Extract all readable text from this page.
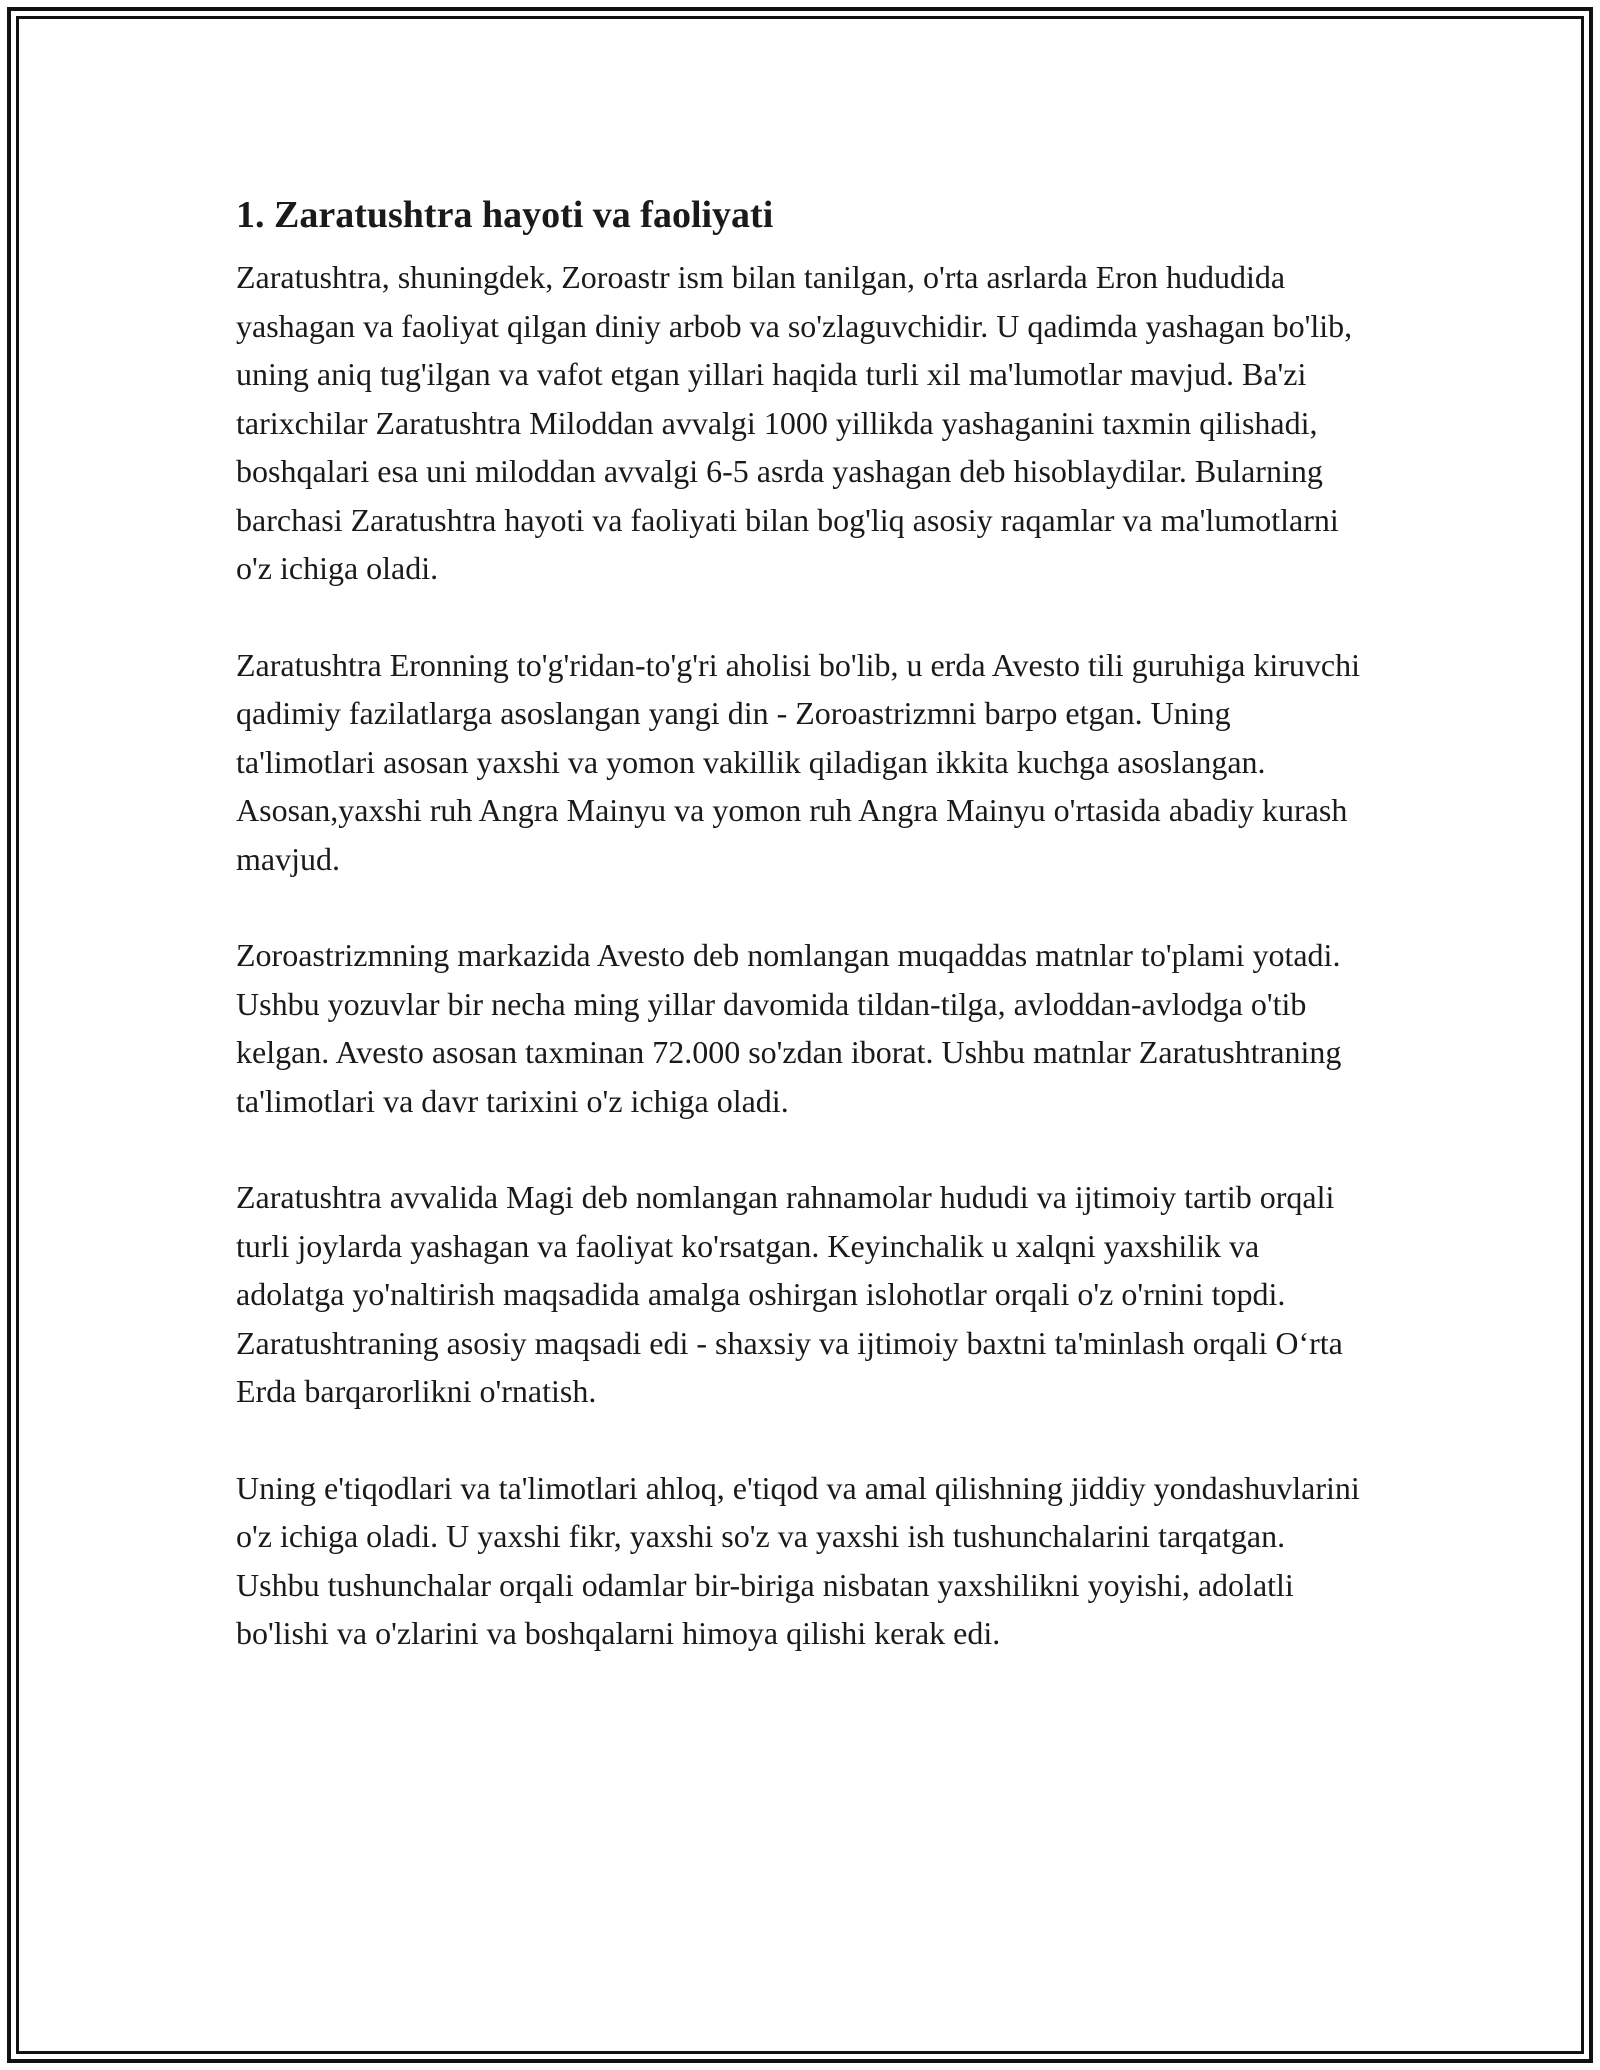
1. Zaratushtra hayoti va faoliyati

Zaratushtra, shuningdek, Zoroastr ism bilan tanilgan, o'rta asrlarda Eron hududida yashagan va faoliyat qilgan diniy arbob va so'zlaguvchidir. U qadimda yashagan bo'lib, uning aniq tug'ilgan va vafot etgan yillari haqida turli xil ma'lumotlar mavjud. Ba'zi tarixchilar Zaratushtra Miloddan avvalgi 1000 yillikda yashaganini taxmin qilishadi, boshqalari esa uni miloddan avvalgi 6-5 asrda yashagan deb hisoblaydilar. Bularning barchasi Zaratushtra hayoti va faoliyati bilan bog'liq asosiy raqamlar va ma'lumotlarni o'z ichiga oladi.

Zaratushtra Eronning to'g'ridan-to'g'ri aholisi bo'lib, u erda Avesto tili guruhiga kiruvchi qadimiy fazilatlarga asoslangan yangi din - Zoroastrizmni barpo etgan. Uning ta'limotlari asosan yaxshi va yomon vakillik qiladigan ikkita kuchga asoslangan. Asosan,yaxshi ruh Angra Mainyu va yomon ruh Angra Mainyu o'rtasida abadiy kurash mavjud.

Zoroastrizmning markazida Avesto deb nomlangan muqaddas matnlar to'plami yotadi. Ushbu yozuvlar bir necha ming yillar davomida tildan-tilga, avloddan-avlodga o'tib kelgan. Avesto asosan taxminan 72.000 so'zdan iborat. Ushbu matnlar Zaratushtraning ta'limotlari va davr tarixini o'z ichiga oladi.

Zaratushtra avvalida Magi deb nomlangan rahnamolar hududi va ijtimoiy tartib orqali turli joylarda yashagan va faoliyat ko'rsatgan. Keyinchalik u xalqni yaxshilik va adolatga yo'naltirish maqsadida amalga oshirgan islohotlar orqali o'z o'rnini topdi. Zaratushtraning asosiy maqsadi edi - shaxsiy va ijtimoiy baxtni ta'minlash orqali O‘rta Erda barqarorlikni o'rnatish.

Uning e'tiqodlari va ta'limotlari ahloq, e'tiqod va amal qilishning jiddiy yondashuvlarini o'z ichiga oladi. U yaxshi fikr, yaxshi so'z va yaxshi ish tushunchalarini tarqatgan. Ushbu tushunchalar orqali odamlar bir-biriga nisbatan yaxshilikni yoyishi, adolatli bo'lishi va o'zlarini va boshqalarni himoya qilishi kerak edi.
